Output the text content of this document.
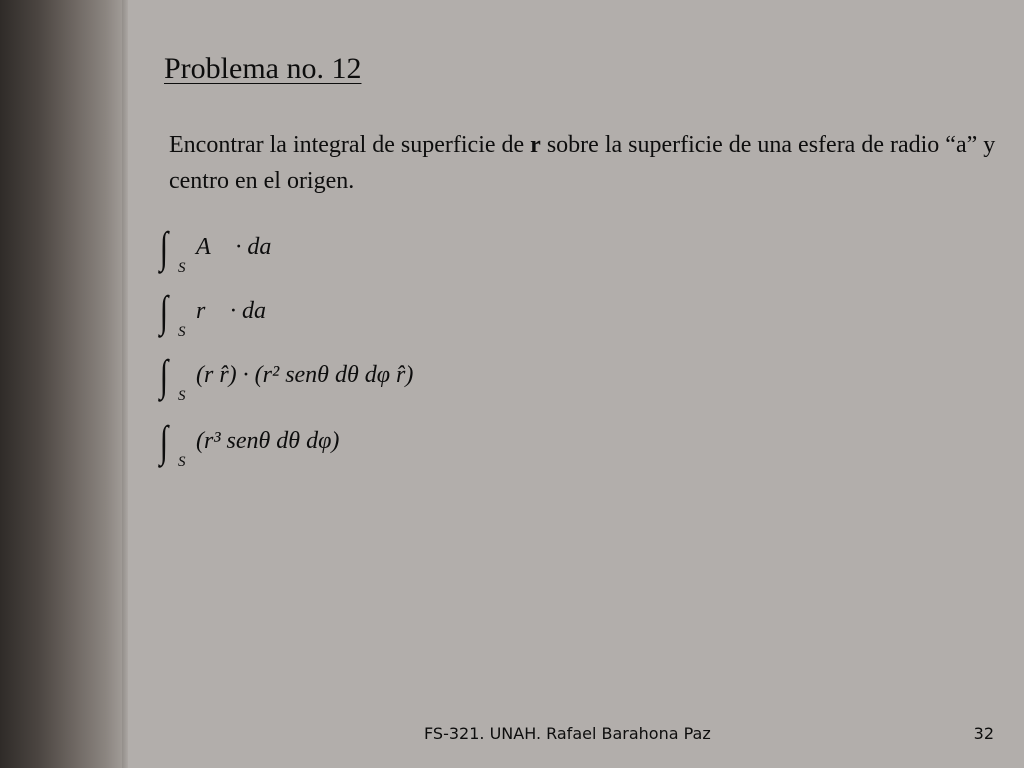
Problema no. 12
Encontrar la integral de superficie de r sobre la superficie de una esfera de radio “a” y centro en el origen.
∫ S
A⃗ · da⃗
∫ S
r⃗ · da⃗
∫ S
(r r̂) · (r² senθ dθ dφ r̂)
∫ S
(r³ senθ dθ dφ)
FS-321. UNAH. Rafael Barahona Paz	32
